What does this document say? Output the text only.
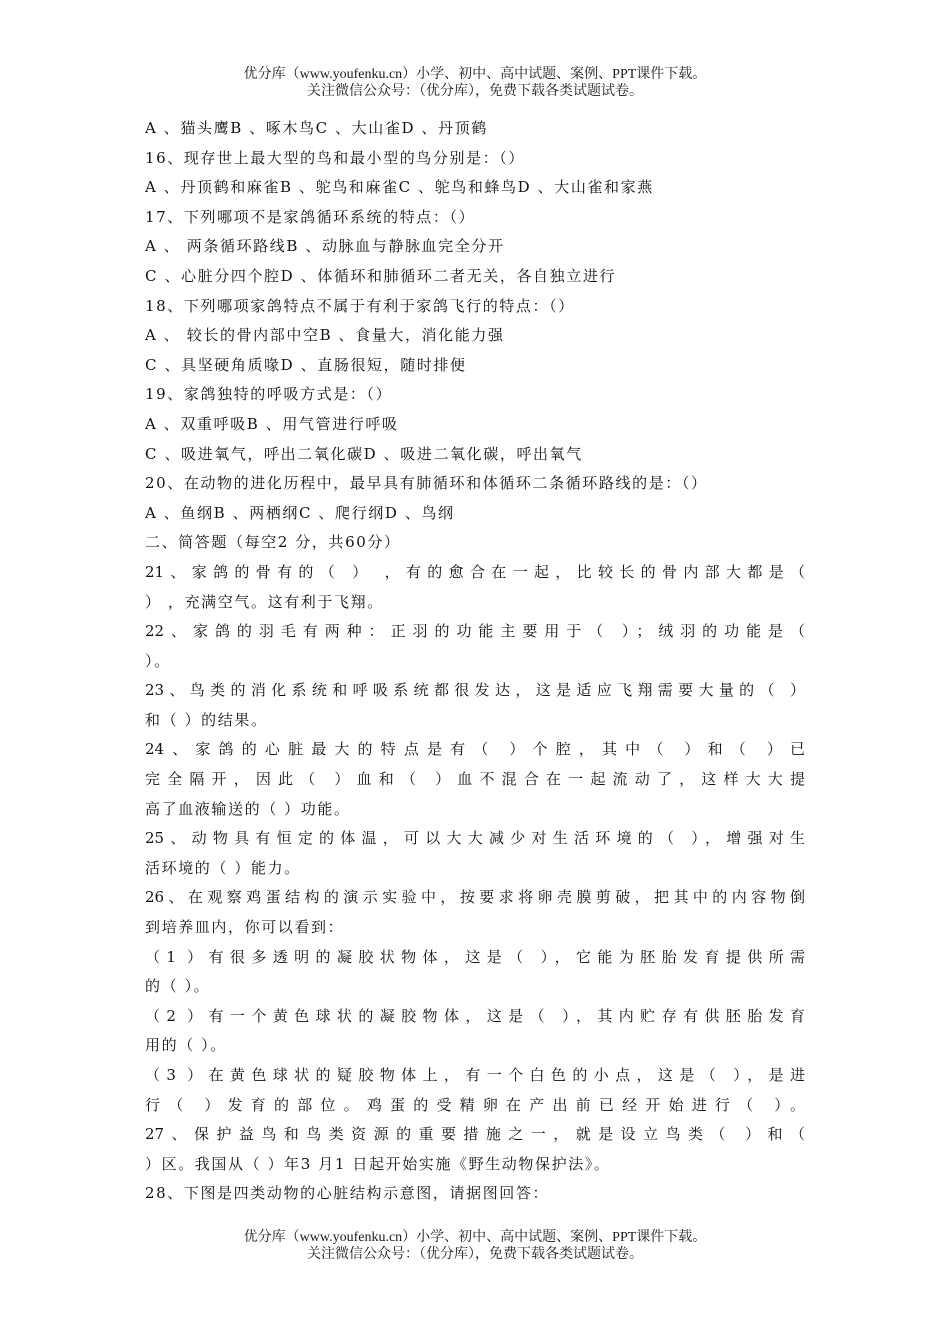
优分库（www.youfenku.cn）小学、初中、高中试题、案例、PPT课件下载。
关注微信公众号：（优分库），免费下载各类试题试卷。
A 、猫头鹰B 、啄木鸟C 、大山雀D 、丹顶鹤
16、现存世上最大型的鸟和最小型的鸟分别是：（）
A 、丹顶鹤和麻雀B 、鸵鸟和麻雀C 、鸵鸟和蜂鸟D 、大山雀和家燕
17、下列哪项不是家鸽循环系统的特点：（）
A 、 两条循环路线B 、动脉血与静脉血完全分开
C 、心脏分四个腔D 、体循环和肺循环二者无关，各自独立进行
18、下列哪项家鸽特点不属于有利于家鸽飞行的特点：（）
A 、 较长的骨内部中空B 、食量大，消化能力强
C 、具坚硬角质喙D 、直肠很短，随时排便
19、家鸽独特的呼吸方式是：（）
A 、双重呼吸B 、用气管进行呼吸
C 、吸进氧气，呼出二氧化碳D 、吸进二氧化碳，呼出氧气
20、在动物的进化历程中，最早具有肺循环和体循环二条循环路线的是：（）
A 、鱼纲B 、两栖纲C 、爬行纲D 、鸟纲
二、简答题（每空2 分，共60分）
21、家鸽的骨有的（ ） ，有的愈合在一起，比较长的骨内部大都是（
） ，充满空气。这有利于飞翔。
22、家鸽的羽毛有两种：正羽的功能主要用于（ ）；绒羽的功能是（
）。
23、鸟类的消化系统和呼吸系统都很发达，这是适应飞翔需要大量的（ ）
和（ ）的结果。
24、家鸽的心脏最大的特点是有（ ）个腔，其中（ ）和（ ）已
完全隔开，因此（ ）血和（ ）血不混合在一起流动了，这样大大提
高了血液输送的（ ）功能。
25、动物具有恒定的体温，可以大大减少对生活环境的（ ），增强对生
活环境的（ ）能力。
26、在观察鸡蛋结构的演示实验中，按要求将卵壳膜剪破，把其中的内容物倒
到培养皿内，你可以看到：
（1 ）有很多透明的凝胶状物体，这是（ ），它能为胚胎发育提供所需
的（ ）。
（2 ）有一个黄色球状的凝胶物体，这是（ ），其内贮存有供胚胎发育
用的（ ）。
（3 ）在黄色球状的疑胶物体上，有一个白色的小点，这是（ ），是进
行（ ）发育的部位。鸡蛋的受精卵在产出前已经开始进行（ ）。
27、保护益鸟和鸟类资源的重要措施之一，就是设立鸟类（ ）和（
）区。我国从（ ）年3 月1 日起开始实施《野生动物保护法》。
28、下图是四类动物的心脏结构示意图，请据图回答：
优分库（www.youfenku.cn）小学、初中、高中试题、案例、PPT课件下载。
关注微信公众号：（优分库），免费下载各类试题试卷。
